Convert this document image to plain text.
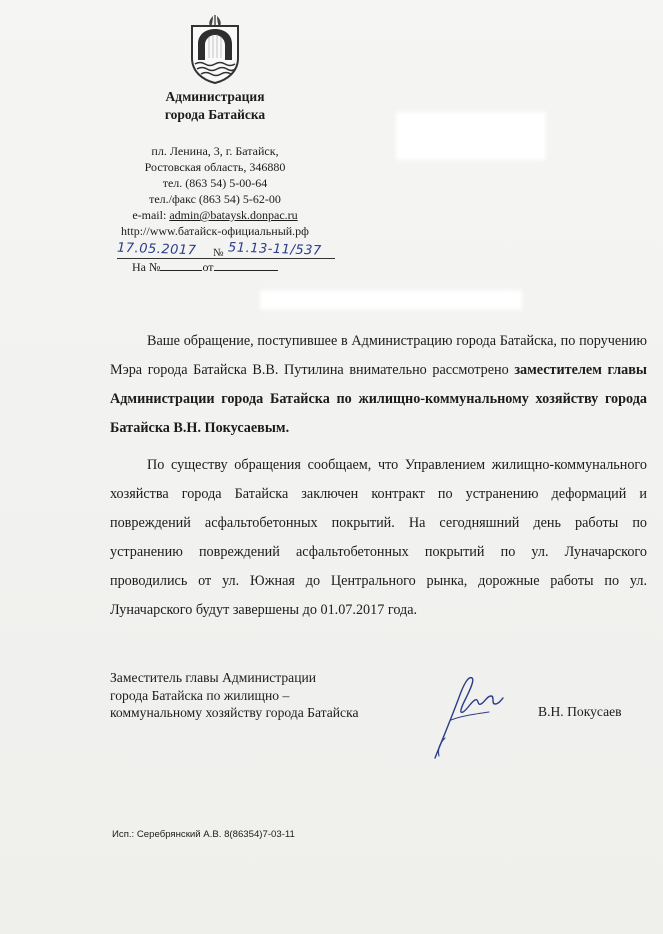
Администрация
города Батайска
пл. Ленина, 3, г. Батайск,
Ростовская область, 346880
тел. (863 54) 5-00-64
тел./факс (863 54) 5-62-00
e-mail: admin@bataysk.donpac.ru
http://www.батайск-официальный.рф
17.05.2017 № 51.13-11/537
На №	от

Ваше обращение, поступившее в Администрацию города Батайска, по поручению Мэра города Батайска В.В. Путилина внимательно рассмотрено заместителем главы Администрации города Батайска по жилищно-коммунальному хозяйству города Батайска В.Н. Покусаевым.

По существу обращения сообщаем, что Управлением жилищно-коммунального хозяйства города Батайска заключен контракт по устранению деформаций и повреждений асфальтобетонных покрытий. На сегодняшний день работы по устранению повреждений асфальтобетонных покрытий по ул. Луначарского проводились от ул. Южная до Центрального рынка, дорожные работы по ул. Луначарского будут завершены до 01.07.2017 года.

Заместитель главы Администрации
города Батайска по жилищно –
коммунальному хозяйству города Батайска	В.Н. Покусаев
Исп.: Серебрянский А.В. 8(86354)7-03-11
